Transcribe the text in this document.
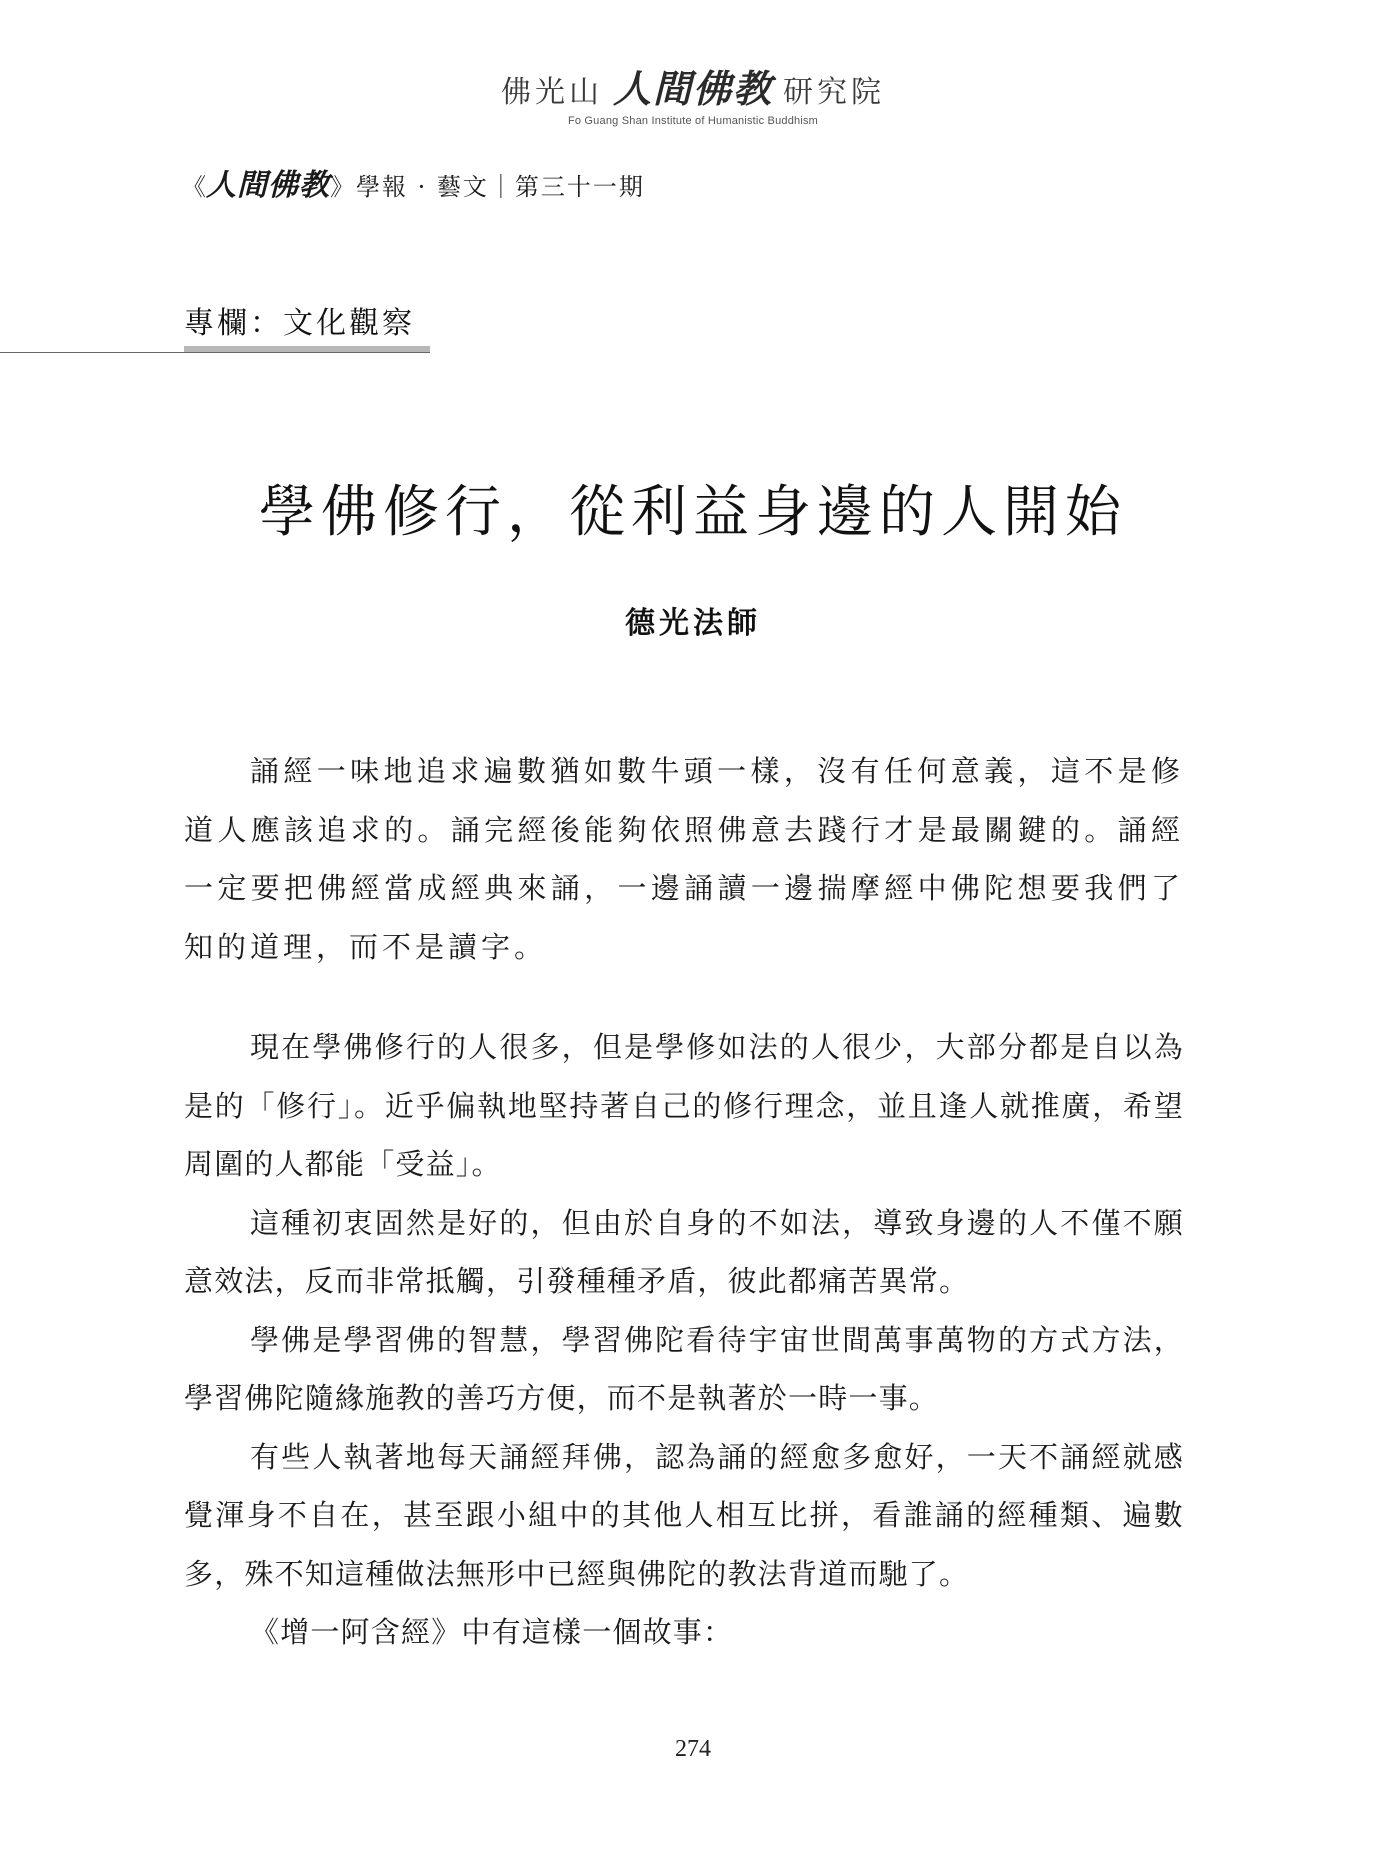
佛光山 人間佛教 研究院
Fo Guang Shan Institute of Humanistic Buddhism
《 人間佛教 》學報 · 藝文｜第三十一期
專欄：文化觀察
學佛修行，從利益身邊的人開始
德光法師

誦經一味地追求遍數猶如數牛頭一樣，沒有任何意義，這不是修道人應該追求的。誦完經後能夠依照佛意去踐行才是最關鍵的。誦經一定要把佛經當成經典來誦，一邊誦讀一邊揣摩經中佛陀想要我們了知的道理，而不是讀字。

現在學佛修行的人很多，但是學修如法的人很少，大部分都是自以為是的「修行」。近乎偏執地堅持著自己的修行理念，並且逢人就推廣，希望周圍的人都能「受益」。

這種初衷固然是好的，但由於自身的不如法，導致身邊的人不僅不願意效法，反而非常抵觸，引發種種矛盾，彼此都痛苦異常。

學佛是學習佛的智慧，學習佛陀看待宇宙世間萬事萬物的方式方法，學習佛陀隨緣施教的善巧方便，而不是執著於一時一事。

有些人執著地每天誦經拜佛，認為誦的經愈多愈好，一天不誦經就感覺渾身不自在，甚至跟小組中的其他人相互比拼，看誰誦的經種類、遍數多，殊不知這種做法無形中已經與佛陀的教法背道而馳了。

《增一阿含經》中有這樣一個故事：

274
